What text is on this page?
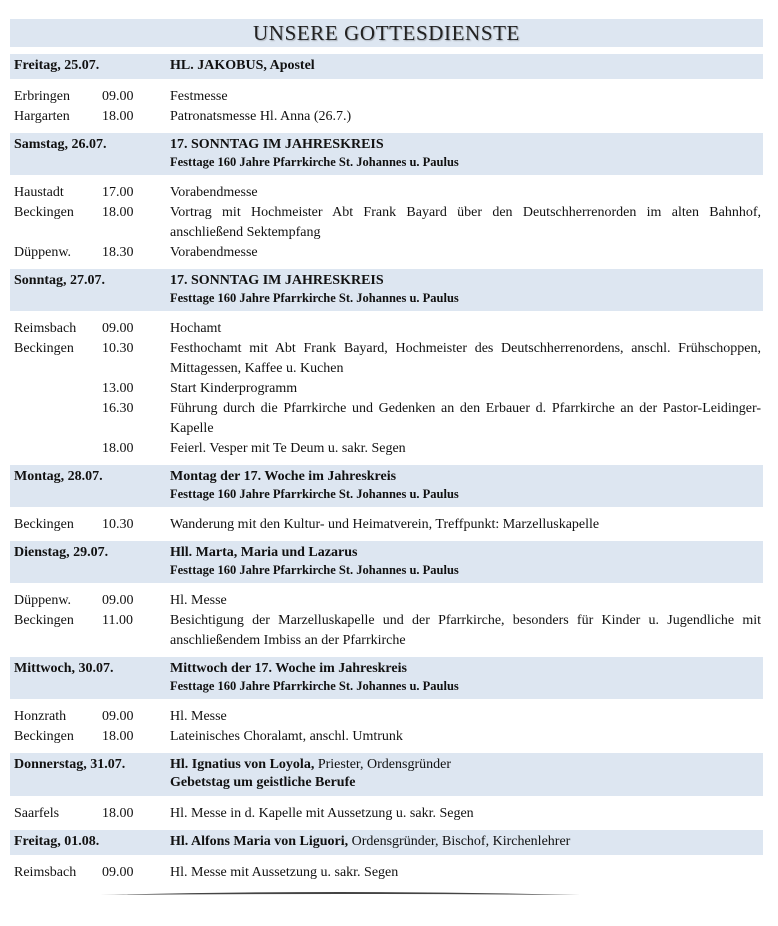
UNSERE GOTTESDIENSTE
Freitag, 25.07.	HL. JAKOBUS, Apostel
Erbringen	09.00	Festmesse
Hargarten	18.00	Patronatsmesse Hl. Anna (26.7.)
Samstag, 26.07.	17. SONNTAG IM JAHRESKREIS
Festtage 160 Jahre Pfarrkirche St. Johannes u. Paulus
Haustadt	17.00	Vorabendmesse
Beckingen	18.00	Vortrag mit Hochmeister Abt Frank Bayard über den Deutschherrenorden im alten Bahnhof, anschließend Sektempfang
Düppenw.	18.30	Vorabendmesse
Sonntag, 27.07.	17. SONNTAG IM JAHRESKREIS
Festtage 160 Jahre Pfarrkirche St. Johannes u. Paulus
Reimsbach	09.00	Hochamt
Beckingen	10.30	Festhochamt mit Abt Frank Bayard, Hochmeister des Deutschherrenordens, anschl. Frühschoppen, Mittagessen, Kaffee u. Kuchen
13.00	Start Kinderprogramm
16.30	Führung durch die Pfarrkirche und Gedenken an den Erbauer d. Pfarrkirche an der Pastor-Leidinger-Kapelle
18.00	Feierl. Vesper mit Te Deum u. sakr. Segen
Montag, 28.07.	Montag der 17. Woche im Jahreskreis
Festtage 160 Jahre Pfarrkirche St. Johannes u. Paulus
Beckingen	10.30	Wanderung mit den Kultur- und Heimatverein, Treffpunkt: Marzelluskapelle
Dienstag, 29.07.	Hll. Marta, Maria und Lazarus
Festtage 160 Jahre Pfarrkirche St. Johannes u. Paulus
Düppenw.	09.00	Hl. Messe
Beckingen	11.00	Besichtigung der Marzelluskapelle und der Pfarrkirche, besonders für Kinder u. Jugendliche mit anschließendem Imbiss an der Pfarrkirche
Mittwoch, 30.07.	Mittwoch der 17. Woche im Jahreskreis
Festtage 160 Jahre Pfarrkirche St. Johannes u. Paulus
Honzrath	09.00	Hl. Messe
Beckingen	18.00	Lateinisches Choralamt, anschl. Umtrunk
Donnerstag, 31.07.	Hl. Ignatius von Loyola, Priester, Ordensgründer
Gebetstag um geistliche Berufe
Saarfels	18.00	Hl. Messe in d. Kapelle mit Aussetzung u. sakr. Segen
Freitag, 01.08.	Hl. Alfons Maria von Liguori, Ordensgründer, Bischof, Kirchenlehrer
Reimsbach	09.00	Hl. Messe mit Aussetzung u. sakr. Segen
